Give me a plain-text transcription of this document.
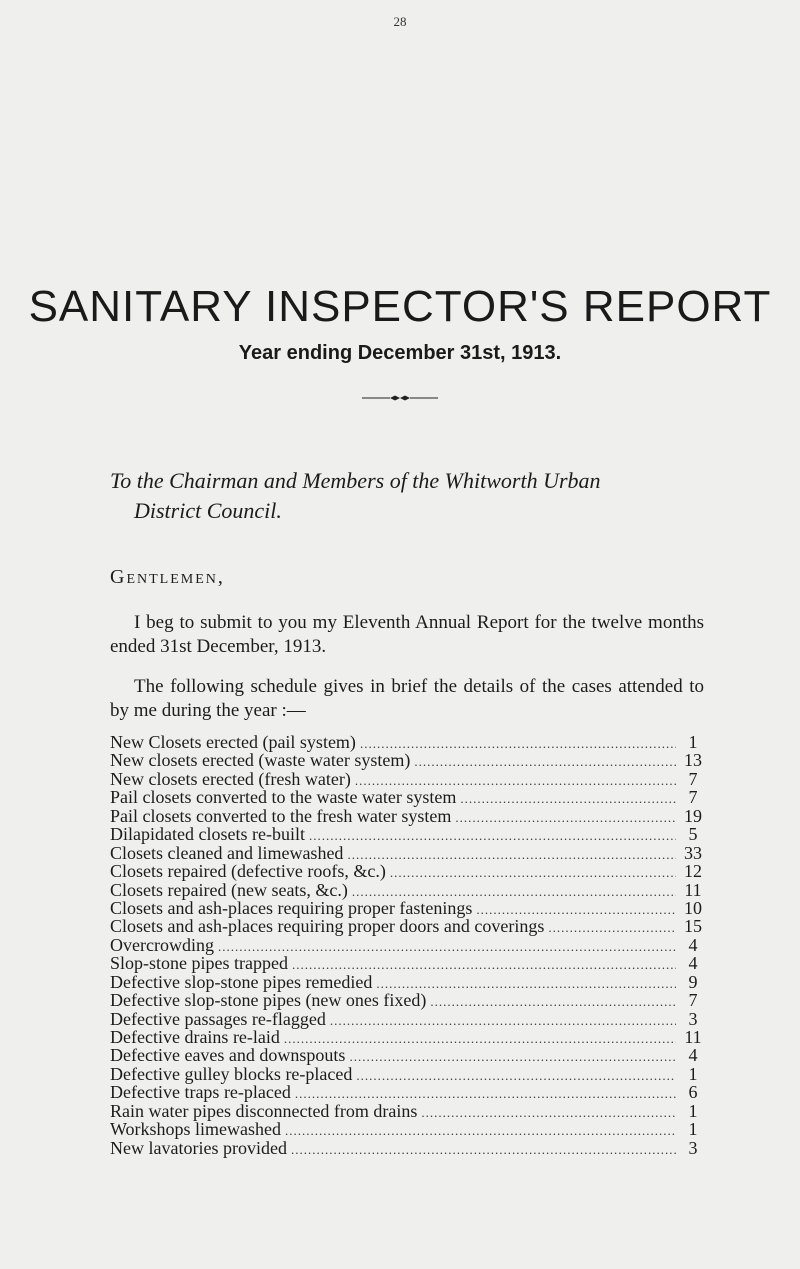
28
SANITARY INSPECTOR'S REPORT
Year ending December 31st, 1913.
To the Chairman and Members of the Whitworth Urban
District Council.
Gentlemen,

I beg to submit to you my Eleventh Annual Report for the twelve months ended 31st December, 1913.

The following schedule gives in brief the details of the cases attended to by me during the year :—

New Closets erected (pail system) .....	1
New closets erected (waste water system) .....	13
New closets erected (fresh water) .....	7
Pail closets converted to the waste water system .....	7
Pail closets converted to the fresh water system .....	19
Dilapidated closets re-built .....	5
Closets cleaned and limewashed .....	33
Closets repaired (defective roofs, &c.) .....	12
Closets repaired (new seats, &c.) .....	11
Closets and ash-places requiring proper fastenings .....	10
Closets and ash-places requiring proper doors and coverings .....	15
Overcrowding .....	4
Slop-stone pipes trapped .....	4
Defective slop-stone pipes remedied .....	9
Defective slop-stone pipes (new ones fixed) .....	7
Defective passages re-flagged .....	3
Defective drains re-laid .....	11
Defective eaves and downspouts .....	4
Defective gulley blocks re-placed .....	1
Defective traps re-placed .....	6
Rain water pipes disconnected from drains .....	1
Workshops limewashed .....	1
New lavatories provided .....	3
